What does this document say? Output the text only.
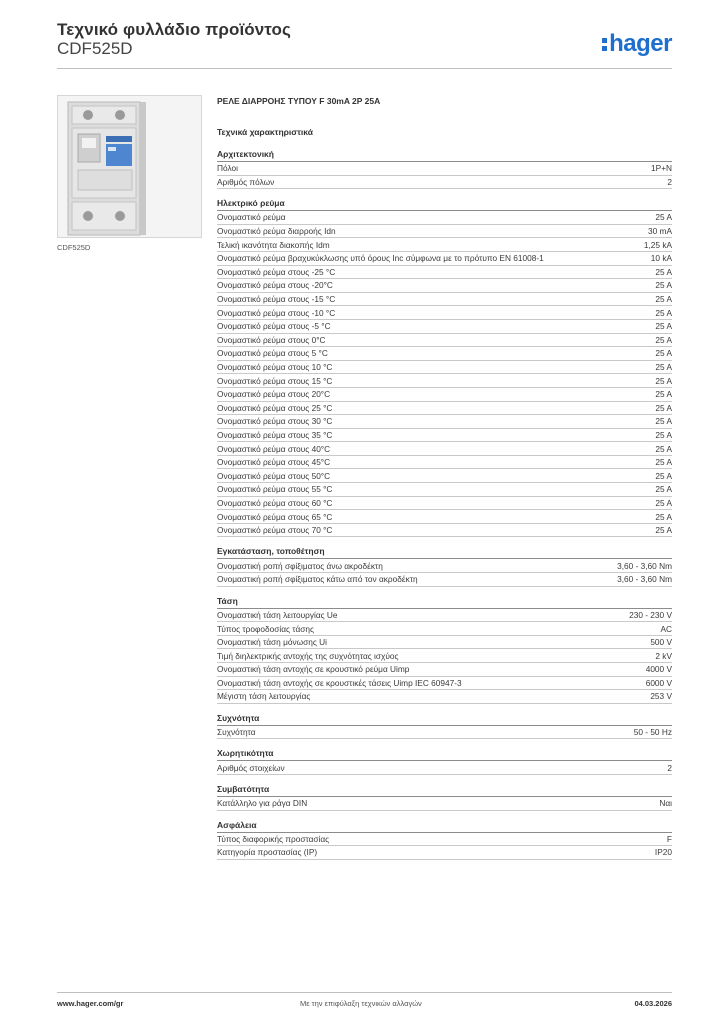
Τεχνικό φυλλάδιο προϊόντος
CDF525D	hager
CDF525D
ΡΕΛΕ ΔΙΑΡΡΟΗΣ ΤΥΠΟΥ F 30mA 2P 25A
Τεχνικά χαρακτηριστικά
Αρχιτεκτονική
Πόλοι	1P+N
Αριθμός πόλων	2
Ηλεκτρικό ρεύμα
Ονομαστικό ρεύμα	25 A
Ονομαστικό ρεύμα διαρροής Idn	30 mA
Τελική ικανότητα διακοπής Idm	1,25 kA
Ονομαστικό ρεύμα βραχυκύκλωσης υπό όρους Inc σύμφωνα με το πρότυπο EN 61008-1	10 kA
Ονομαστικό ρεύμα στους -25 °C	25 A
Ονομαστικό ρεύμα στους -20°C	25 A
Ονομαστικό ρεύμα στους -15 °C	25 A
Ονομαστικό ρεύμα στους -10 °C	25 A
Ονομαστικό ρεύμα στους -5 °C	25 A
Ονομαστικό ρεύμα στους 0°C	25 A
Ονομαστικό ρεύμα στους 5 °C	25 A
Ονομαστικό ρεύμα στους 10 °C	25 A
Ονομαστικό ρεύμα στους 15 °C	25 A
Ονομαστικό ρεύμα στους 20°C	25 A
Ονομαστικό ρεύμα στους 25 °C	25 A
Ονομαστικό ρεύμα στους 30 °C	25 A
Ονομαστικό ρεύμα στους 35 °C	25 A
Ονομαστικό ρεύμα στους 40°C	25 A
Ονομαστικό ρεύμα στους 45°C	25 A
Ονομαστικό ρεύμα στους 50°C	25 A
Ονομαστικό ρεύμα στους 55 °C	25 A
Ονομαστικό ρεύμα στους 60 °C	25 A
Ονομαστικό ρεύμα στους 65 °C	25 A
Ονομαστικό ρεύμα στους 70 °C	25 A
Εγκατάσταση, τοποθέτηση
Ονομαστική ροπή σφίξιματος άνω ακροδέκτη	3,60 - 3,60 Nm
Ονομαστική ροπή σφίξιματος κάτω από τον ακροδέκτη	3,60 - 3,60 Nm
Τάση
Ονομαστική τάση λειτουργίας Ue	230 - 230 V
Τύπος τροφοδοσίας τάσης	AC
Ονομαστική τάση μόνωσης Ui	500 V
Τιμή διηλεκτρικής αντοχής της συχνότητας ισχύος	2 kV
Ονομαστική τάση αντοχής σε κρουστικό ρεύμα Uimp	4000 V
Ονομαστική τάση αντοχής σε κρουστικές τάσεις Uimp IEC 60947-3	6000 V
Μέγιστη τάση λειτουργίας	253 V
Συχνότητα
Συχνότητα	50 - 50 Hz
Χωρητικότητα
Αριθμός στοιχείων	2
Συμβατότητα
Κατάλληλο για ράγα DIN	Ναι
Ασφάλεια
Τύπος διαφορικής προστασίας	F
Κατηγορία προστασίας (IP)	IP20
www.hager.com/gr	Με την επιφύλαξη τεχνικών αλλαγών	04.03.2026
